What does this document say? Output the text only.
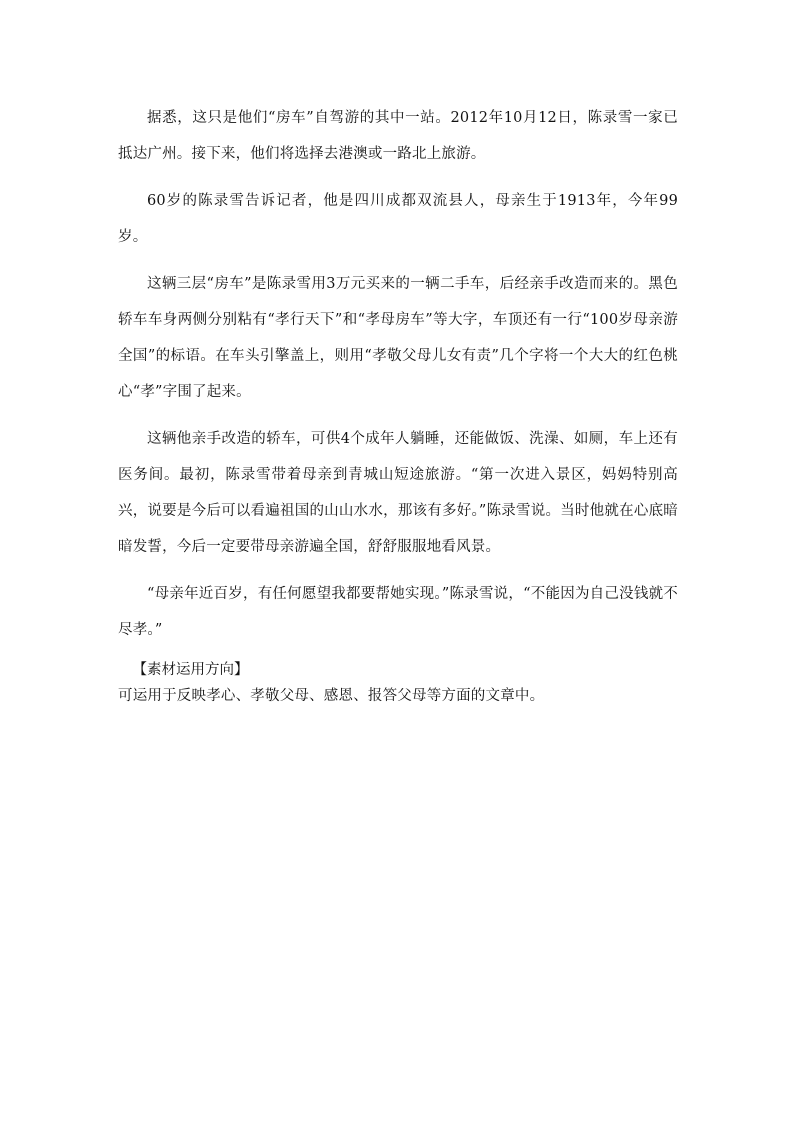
据悉，这只是他们“房车”自驾游的其中一站。2012年10月12日，陈录雪一家已抵达广州。接下来，他们将选择去港澳或一路北上旅游。

60岁的陈录雪告诉记者，他是四川成都双流县人，母亲生于1913年，今年99岁。

这辆三层“房车”是陈录雪用3万元买来的一辆二手车，后经亲手改造而来的。黑色轿车车身两侧分别粘有“孝行天下”和“孝母房车”等大字，车顶还有一行“100岁母亲游全国”的标语。在车头引擎盖上，则用“孝敬父母儿女有责”几个字将一个大大的红色桃心“孝”字围了起来。

这辆他亲手改造的轿车，可供4个成年人躺睡，还能做饭、洗澡、如厕，车上还有医务间。最初，陈录雪带着母亲到青城山短途旅游。“第一次进入景区，妈妈特别高兴，说要是今后可以看遍祖国的山山水水，那该有多好。”陈录雪说。当时他就在心底暗暗发誓，今后一定要带母亲游遍全国，舒舒服服地看风景。

“母亲年近百岁，有任何愿望我都要帮她实现。”陈录雪说，“不能因为自己没钱就不尽孝。”

【素材运用方向】

可运用于反映孝心、孝敬父母、感恩、报答父母等方面的文章中。
